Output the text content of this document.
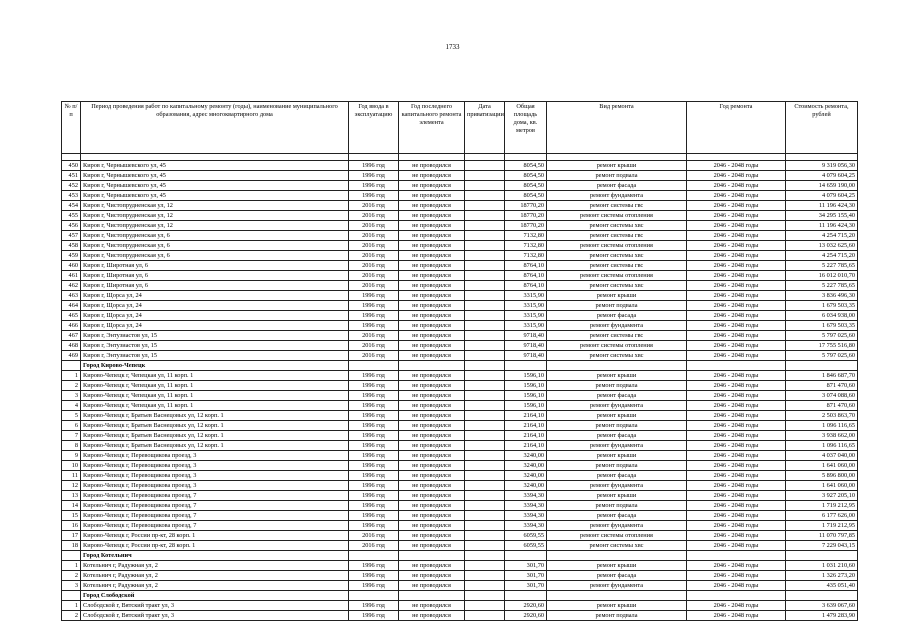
1733
№ п/п	Период проведения работ по капитальному ремонту (годы), наименование муниципального образования, адрес многоквартирного дома	Год ввода в эксплуатацию	Год последнего капитального ремонта элемента	Дата приватизации	Общая площадь дома, кв. метров	Вид ремонта	Год ремонта	Стоимость ремонта, рублей

450	Киров г, Чернышевского ул, 45	1996 год	не проводился		8054,50	ремонт крыши	2046 - 2048 годы	9 319 056,30
451	Киров г, Чернышевского ул, 45	1996 год	не проводился		8054,50	ремонт подвала	2046 - 2048 годы	4 079 604,25
452	Киров г, Чернышевского ул, 45	1996 год	не проводился		8054,50	ремонт фасада	2046 - 2048 годы	14 659 190,00
453	Киров г, Чернышевского ул, 45	1996 год	не проводился		8054,50	ремонт фундамента	2046 - 2048 годы	4 079 604,25
454	Киров г, Чистопрудненская ул, 12	2016 год	не проводился		18770,20	ремонт системы гвс	2046 - 2048 годы	11 196 424,30
455	Киров г, Чистопрудненская ул, 12	2016 год	не проводился		18770,20	ремонт системы отопления	2046 - 2048 годы	34 295 155,40
456	Киров г, Чистопрудненская ул, 12	2016 год	не проводился		18770,20	ремонт системы хвс	2046 - 2048 годы	11 196 424,30
457	Киров г, Чистопрудненская ул, 6	2016 год	не проводился		7132,80	ремонт системы гвс	2046 - 2048 годы	4 254 715,20
458	Киров г, Чистопрудненская ул, 6	2016 год	не проводился		7132,80	ремонт системы отопления	2046 - 2048 годы	13 032 625,60
459	Киров г, Чистопрудненская ул, 6	2016 год	не проводился		7132,80	ремонт системы хвс	2046 - 2048 годы	4 254 715,20
460	Киров г, Широтная ул, 6	2016 год	не проводился		8764,10	ремонт системы гвс	2046 - 2048 годы	5 227 785,65
461	Киров г, Широтная ул, 6	2016 год	не проводился		8764,10	ремонт системы отопления	2046 - 2048 годы	16 012 010,70
462	Киров г, Широтная ул, 6	2016 год	не проводился		8764,10	ремонт системы хвс	2046 - 2048 годы	5 227 785,65
463	Киров г, Щорса ул, 24	1996 год	не проводился		3315,90	ремонт крыши	2046 - 2048 годы	3 836 496,30
464	Киров г, Щорса ул, 24	1996 год	не проводился		3315,90	ремонт подвала	2046 - 2048 годы	1 679 503,35
465	Киров г, Щорса ул, 24	1996 год	не проводился		3315,90	ремонт фасада	2046 - 2048 годы	6 034 938,00
466	Киров г, Щорса ул, 24	1996 год	не проводился		3315,90	ремонт фундамента	2046 - 2048 годы	1 679 503,35
467	Киров г, Энтузиастов ул, 15	2016 год	не проводился		9718,40	ремонт системы гвс	2046 - 2048 годы	5 797 025,60
468	Киров г, Энтузиастов ул, 15	2016 год	не проводился		9718,40	ремонт системы отопления	2046 - 2048 годы	17 755 516,80
469	Киров г, Энтузиастов ул, 15	2016 год	не проводился		9718,40	ремонт системы хвс	2046 - 2048 годы	5 797 025,60
	Город Кирово-Чепецк							
1	Кирово-Чепецк г, Чепецкая ул, 11 корп. 1	1996 год	не проводился		1596,10	ремонт крыши	2046 - 2048 годы	1 846 687,70
2	Кирово-Чепецк г, Чепецкая ул, 11 корп. 1	1996 год	не проводился		1596,10	ремонт подвала	2046 - 2048 годы	871 470,60
3	Кирово-Чепецк г, Чепецкая ул, 11 корп. 1	1996 год	не проводился		1596,10	ремонт фасада	2046 - 2048 годы	3 074 088,60
4	Кирово-Чепецк г, Чепецкая ул, 11 корп. 1	1996 год	не проводился		1596,10	ремонт фундамента	2046 - 2048 годы	871 470,60
5	Кирово-Чепецк г, Братьев Васнецовых ул, 12 корп. 1	1996 год	не проводился		2164,10	ремонт крыши	2046 - 2048 годы	2 503 863,70
6	Кирово-Чепецк г, Братьев Васнецовых ул, 12 корп. 1	1996 год	не проводился		2164,10	ремонт подвала	2046 - 2048 годы	1 096 116,65
7	Кирово-Чепецк г, Братьев Васнецовых ул, 12 корп. 1	1996 год	не проводился		2164,10	ремонт фасада	2046 - 2048 годы	3 938 662,00
8	Кирово-Чепецк г, Братьев Васнецовых ул, 12 корп. 1	1996 год	не проводился		2164,10	ремонт фундамента	2046 - 2048 годы	1 096 116,65
9	Кирово-Чепецк г, Перевощикова проезд, 3	1996 год	не проводился		3240,00	ремонт крыши	2046 - 2048 годы	4 037 040,00
10	Кирово-Чепецк г, Перевощикова проезд, 3	1996 год	не проводился		3240,00	ремонт подвала	2046 - 2048 годы	1 641 060,00
11	Кирово-Чепецк г, Перевощикова проезд, 3	1996 год	не проводился		3240,00	ремонт фасада	2046 - 2048 годы	5 896 800,00
12	Кирово-Чепецк г, Перевощикова проезд, 3	1996 год	не проводился		3240,00	ремонт фундамента	2046 - 2048 годы	1 641 060,00
13	Кирово-Чепецк г, Перевощикова проезд, 7	1996 год	не проводился		3394,30	ремонт крыши	2046 - 2048 годы	3 927 205,10
14	Кирово-Чепецк г, Перевощикова проезд, 7	1996 год	не проводился		3394,30	ремонт подвала	2046 - 2048 годы	1 719 212,95
15	Кирово-Чепецк г, Перевощикова проезд, 7	1996 год	не проводился		3394,30	ремонт фасада	2046 - 2048 годы	6 177 626,00
16	Кирово-Чепецк г, Перевощикова проезд, 7	1996 год	не проводился		3394,30	ремонт фундамента	2046 - 2048 годы	1 719 212,95
17	Кирово-Чепецк г, России пр-кт, 28 корп. 1	2016 год	не проводился		6059,55	ремонт системы отопления	2046 - 2048 годы	11 070 797,85
18	Кирово-Чепецк г, России пр-кт, 28 корп. 1	2016 год	не проводился		6059,55	ремонт системы хвс	2046 - 2048 годы	7 229 043,15
	Город Котельнич							
1	Котельнич г, Радужная ул, 2	1996 год	не проводился		301,70	ремонт крыши	2046 - 2048 годы	1 031 210,60
2	Котельнич г, Радужная ул, 2	1996 год	не проводился		301,70	ремонт фасада	2046 - 2048 годы	1 326 273,20
3	Котельнич г, Радужная ул, 2	1996 год	не проводился		301,70	ремонт фундамента	2046 - 2048 годы	435 051,40
	Город Слободской							
1	Слободской г, Вятский тракт ул, 3	1996 год	не проводился		2920,60	ремонт крыши	2046 - 2048 годы	3 639 067,60
2	Слободской г, Вятский тракт ул, 3	1996 год	не проводился		2920,60	ремонт подвала	2046 - 2048 годы	1 479 283,90
